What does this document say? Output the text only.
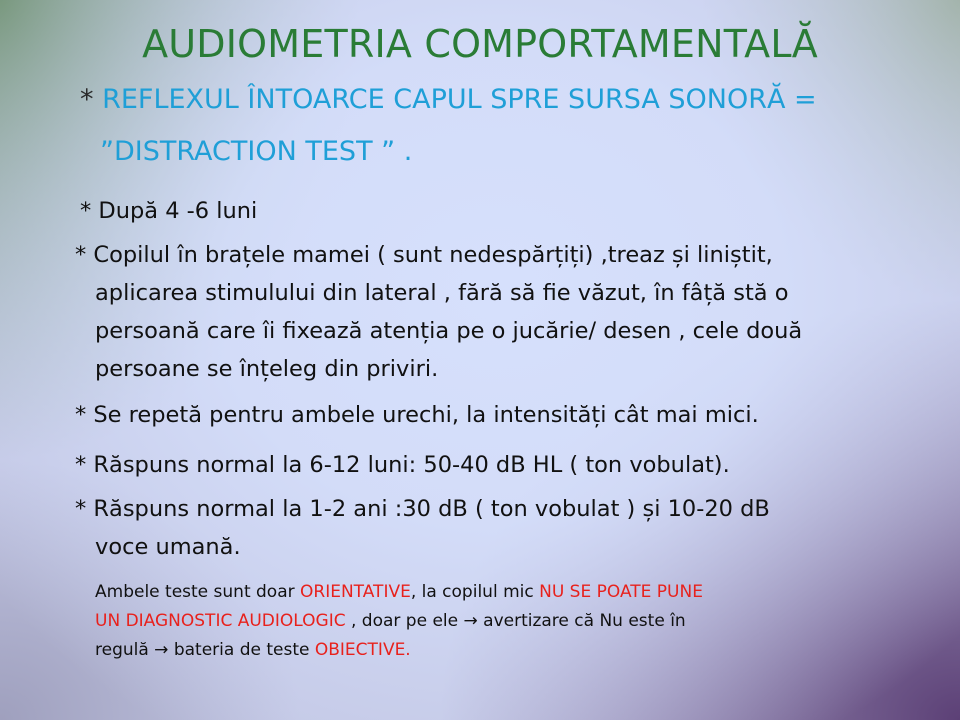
AUDIOMETRIA COMPORTAMENTALĂ
* REFLEXUL ÎNTOARCE CAPUL SPRE SURSA SONORĂ =
”DISTRACTION TEST ” .
* După 4 -6 luni
* Copilul în brațele mamei ( sunt nedespărțiți) ,treaz și liniștit,
aplicarea stimulului din lateral , fără să fie văzut, în fâță stă o
persoană care îi fixează atenția pe o jucărie/ desen , cele două
persoane se înțeleg din priviri.
* Se repetă pentru ambele urechi, la intensități cât mai mici.
* Răspuns normal la 6-12 luni: 50-40 dB HL ( ton vobulat).
* Răspuns normal la 1-2 ani :30 dB ( ton vobulat ) și 10-20 dB
voce umană.
Ambele teste sunt doar ORIENTATIVE, la copilul mic NU SE POATE PUNE
UN DIAGNOSTIC AUDIOLOGIC , doar pe ele → avertizare că Nu este în
regulă → bateria de teste OBIECTIVE.
